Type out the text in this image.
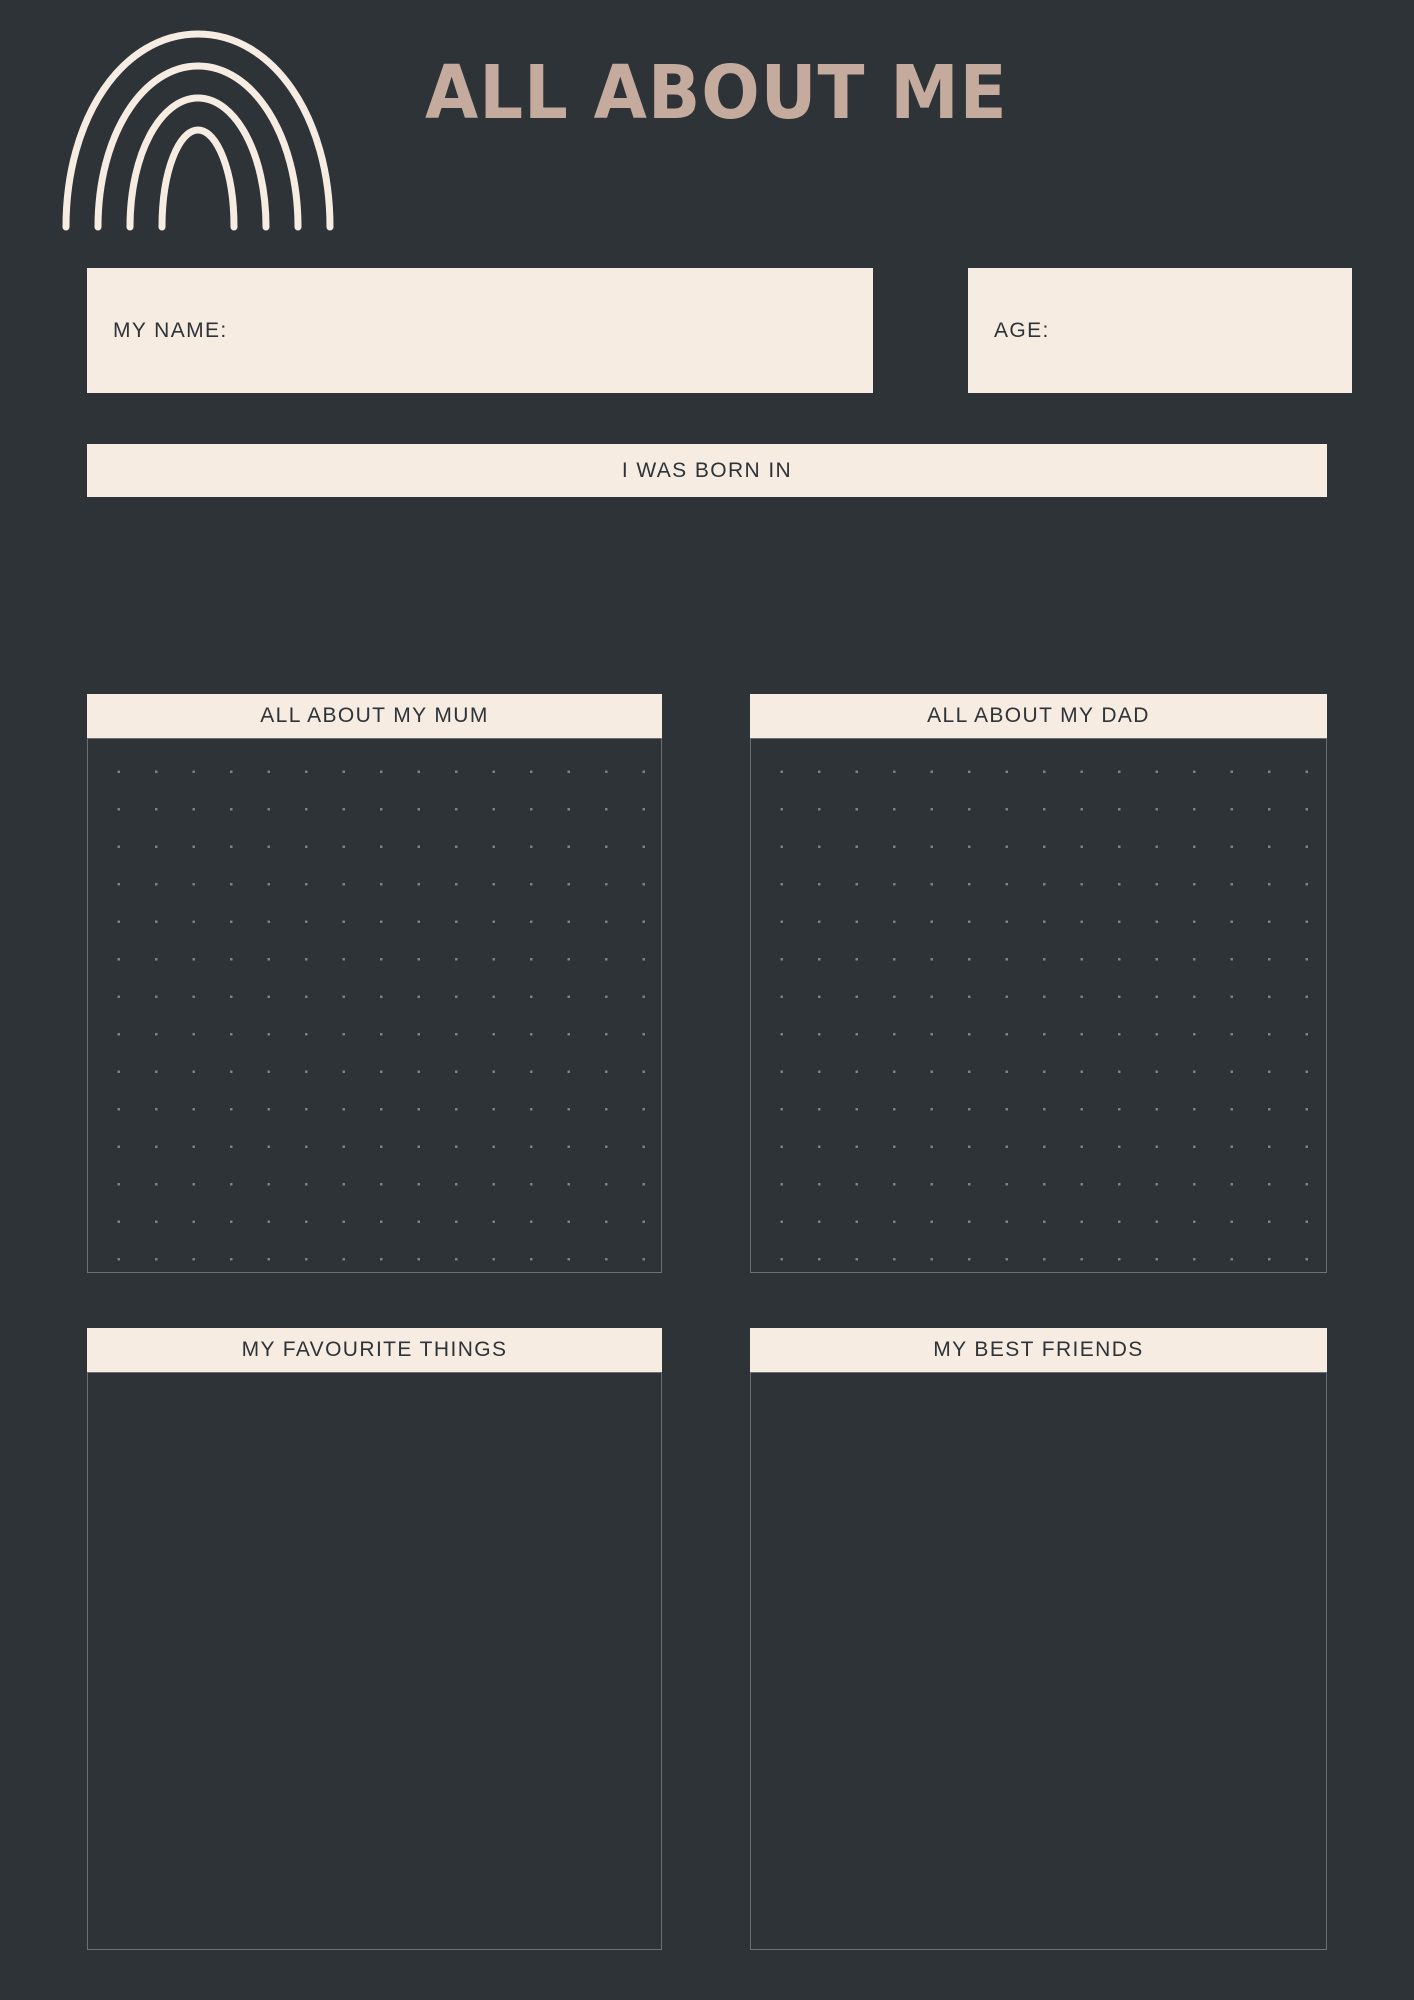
ALL ABOUT ME
MY NAME:	AGE:
I WAS BORN IN
ALL ABOUT MY MUM	ALL ABOUT MY DAD
MY FAVOURITE THINGS	MY BEST FRIENDS
